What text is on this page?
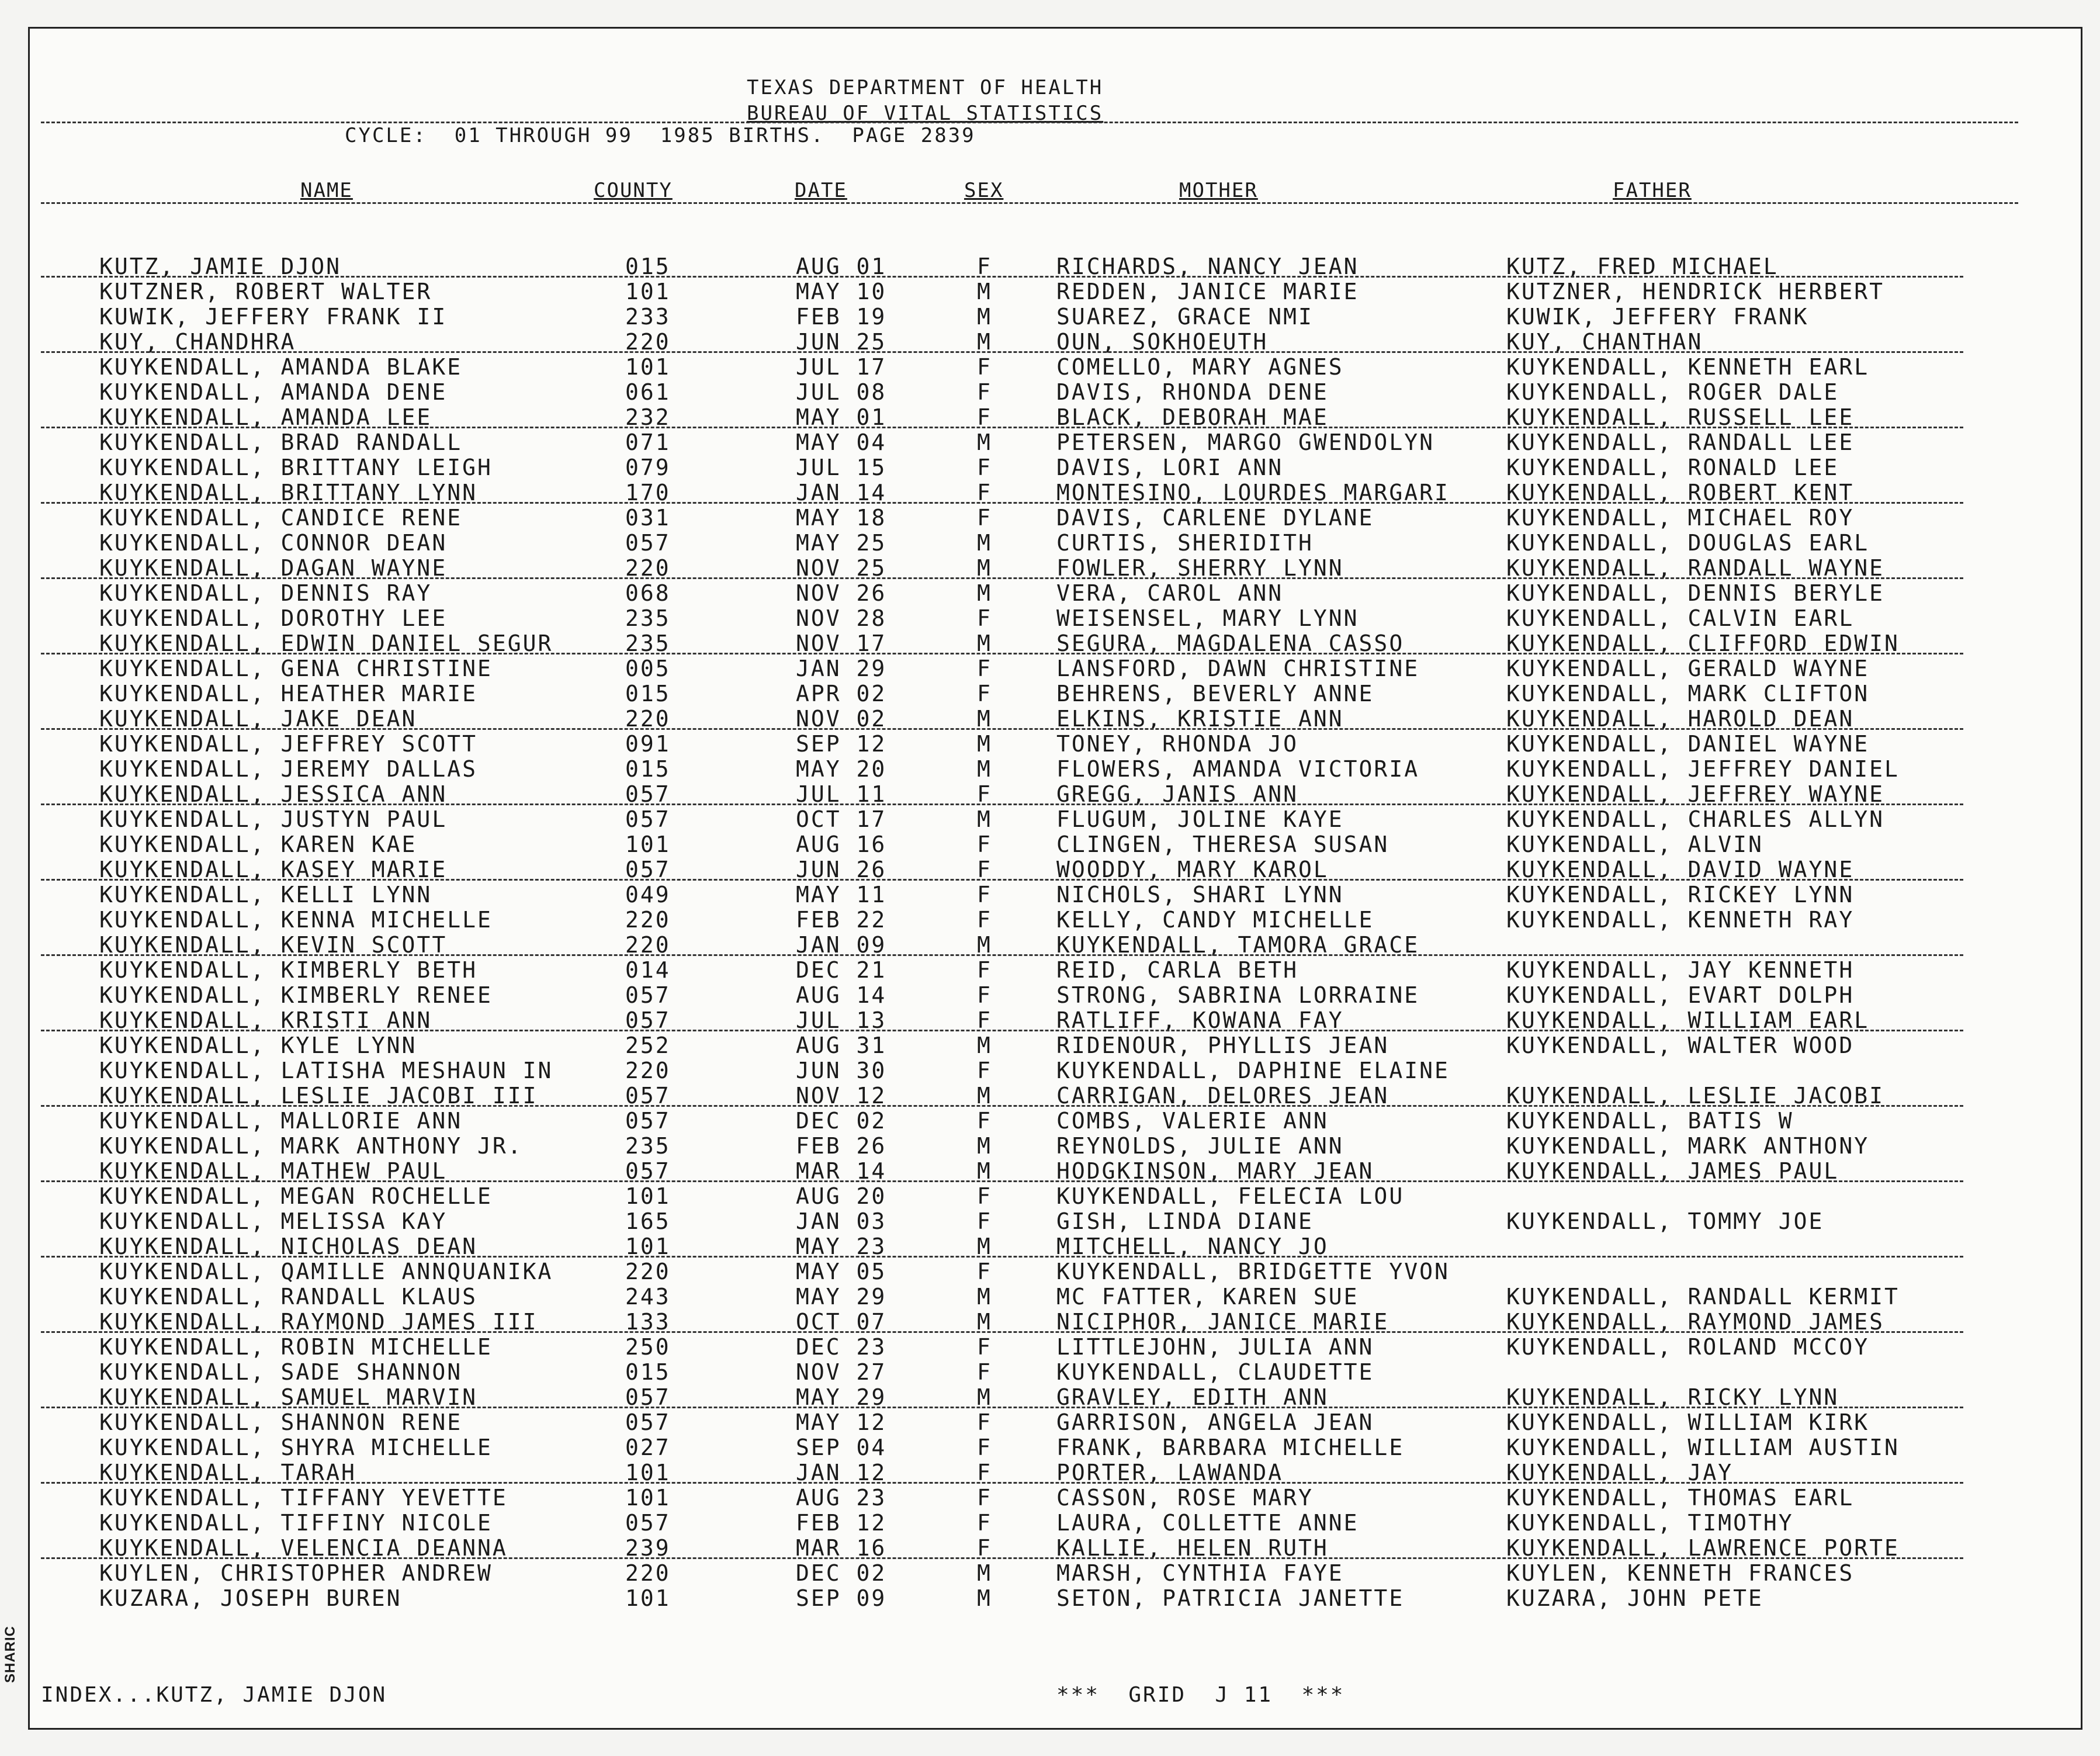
SHARIC
TEXAS DEPARTMENT OF HEALTH
BUREAU OF VITAL STATISTICS
CYCLE:  01 THROUGH 99  1985 BIRTHS.  PAGE 2839
NAME	COUNTY	DATE	SEX	MOTHER	FATHER
KUTZ, JAMIE DJON	015	AUG 01	F	RICHARDS, NANCY JEAN	KUTZ, FRED MICHAEL
KUTZNER, ROBERT WALTER	101	MAY 10	M	REDDEN, JANICE MARIE	KUTZNER, HENDRICK HERBERT
KUWIK, JEFFERY FRANK II	233	FEB 19	M	SUAREZ, GRACE NMI	KUWIK, JEFFERY FRANK
KUY, CHANDHRA	220	JUN 25	M	OUN, SOKHOEUTH	KUY, CHANTHAN
KUYKENDALL, AMANDA BLAKE	101	JUL 17	F	COMELLO, MARY AGNES	KUYKENDALL, KENNETH EARL
KUYKENDALL, AMANDA DENE	061	JUL 08	F	DAVIS, RHONDA DENE	KUYKENDALL, ROGER DALE
KUYKENDALL, AMANDA LEE	232	MAY 01	F	BLACK, DEBORAH MAE	KUYKENDALL, RUSSELL LEE
KUYKENDALL, BRAD RANDALL	071	MAY 04	M	PETERSEN, MARGO GWENDOLYN	KUYKENDALL, RANDALL LEE
KUYKENDALL, BRITTANY LEIGH	079	JUL 15	F	DAVIS, LORI ANN	KUYKENDALL, RONALD LEE
KUYKENDALL, BRITTANY LYNN	170	JAN 14	F	MONTESINO, LOURDES MARGARI	KUYKENDALL, ROBERT KENT
KUYKENDALL, CANDICE RENE	031	MAY 18	F	DAVIS, CARLENE DYLANE	KUYKENDALL, MICHAEL ROY
KUYKENDALL, CONNOR DEAN	057	MAY 25	M	CURTIS, SHERIDITH	KUYKENDALL, DOUGLAS EARL
KUYKENDALL, DAGAN WAYNE	220	NOV 25	M	FOWLER, SHERRY LYNN	KUYKENDALL, RANDALL WAYNE
KUYKENDALL, DENNIS RAY	068	NOV 26	M	VERA, CAROL ANN	KUYKENDALL, DENNIS BERYLE
KUYKENDALL, DOROTHY LEE	235	NOV 28	F	WEISENSEL, MARY LYNN	KUYKENDALL, CALVIN EARL
KUYKENDALL, EDWIN DANIEL SEGUR	235	NOV 17	M	SEGURA, MAGDALENA CASSO	KUYKENDALL, CLIFFORD EDWIN
KUYKENDALL, GENA CHRISTINE	005	JAN 29	F	LANSFORD, DAWN CHRISTINE	KUYKENDALL, GERALD WAYNE
KUYKENDALL, HEATHER MARIE	015	APR 02	F	BEHRENS, BEVERLY ANNE	KUYKENDALL, MARK CLIFTON
KUYKENDALL, JAKE DEAN	220	NOV 02	M	ELKINS, KRISTIE ANN	KUYKENDALL, HAROLD DEAN
KUYKENDALL, JEFFREY SCOTT	091	SEP 12	M	TONEY, RHONDA JO	KUYKENDALL, DANIEL WAYNE
KUYKENDALL, JEREMY DALLAS	015	MAY 20	M	FLOWERS, AMANDA VICTORIA	KUYKENDALL, JEFFREY DANIEL
KUYKENDALL, JESSICA ANN	057	JUL 11	F	GREGG, JANIS ANN	KUYKENDALL, JEFFREY WAYNE
KUYKENDALL, JUSTYN PAUL	057	OCT 17	M	FLUGUM, JOLINE KAYE	KUYKENDALL, CHARLES ALLYN
KUYKENDALL, KAREN KAE	101	AUG 16	F	CLINGEN, THERESA SUSAN	KUYKENDALL, ALVIN
KUYKENDALL, KASEY MARIE	057	JUN 26	F	WOODDY, MARY KAROL	KUYKENDALL, DAVID WAYNE
KUYKENDALL, KELLI LYNN	049	MAY 11	F	NICHOLS, SHARI LYNN	KUYKENDALL, RICKEY LYNN
KUYKENDALL, KENNA MICHELLE	220	FEB 22	F	KELLY, CANDY MICHELLE	KUYKENDALL, KENNETH RAY
KUYKENDALL, KEVIN SCOTT	220	JAN 09	M	KUYKENDALL, TAMORA GRACE
KUYKENDALL, KIMBERLY BETH	014	DEC 21	F	REID, CARLA BETH	KUYKENDALL, JAY KENNETH
KUYKENDALL, KIMBERLY RENEE	057	AUG 14	F	STRONG, SABRINA LORRAINE	KUYKENDALL, EVART DOLPH
KUYKENDALL, KRISTI ANN	057	JUL 13	F	RATLIFF, KOWANA FAY	KUYKENDALL, WILLIAM EARL
KUYKENDALL, KYLE LYNN	252	AUG 31	M	RIDENOUR, PHYLLIS JEAN	KUYKENDALL, WALTER WOOD
KUYKENDALL, LATISHA MESHAUN IN	220	JUN 30	F	KUYKENDALL, DAPHINE ELAINE
KUYKENDALL, LESLIE JACOBI III	057	NOV 12	M	CARRIGAN, DELORES JEAN	KUYKENDALL, LESLIE JACOBI
KUYKENDALL, MALLORIE ANN	057	DEC 02	F	COMBS, VALERIE ANN	KUYKENDALL, BATIS W
KUYKENDALL, MARK ANTHONY JR.	235	FEB 26	M	REYNOLDS, JULIE ANN	KUYKENDALL, MARK ANTHONY
KUYKENDALL, MATHEW PAUL	057	MAR 14	M	HODGKINSON, MARY JEAN	KUYKENDALL, JAMES PAUL
KUYKENDALL, MEGAN ROCHELLE	101	AUG 20	F	KUYKENDALL, FELECIA LOU
KUYKENDALL, MELISSA KAY	165	JAN 03	F	GISH, LINDA DIANE	KUYKENDALL, TOMMY JOE
KUYKENDALL, NICHOLAS DEAN	101	MAY 23	M	MITCHELL, NANCY JO
KUYKENDALL, QAMILLE ANNQUANIKA	220	MAY 05	F	KUYKENDALL, BRIDGETTE YVON
KUYKENDALL, RANDALL KLAUS	243	MAY 29	M	MC FATTER, KAREN SUE	KUYKENDALL, RANDALL KERMIT
KUYKENDALL, RAYMOND JAMES III	133	OCT 07	M	NICIPHOR, JANICE MARIE	KUYKENDALL, RAYMOND JAMES
KUYKENDALL, ROBIN MICHELLE	250	DEC 23	F	LITTLEJOHN, JULIA ANN	KUYKENDALL, ROLAND MCCOY
KUYKENDALL, SADE SHANNON	015	NOV 27	F	KUYKENDALL, CLAUDETTE
KUYKENDALL, SAMUEL MARVIN	057	MAY 29	M	GRAVLEY, EDITH ANN	KUYKENDALL, RICKY LYNN
KUYKENDALL, SHANNON RENE	057	MAY 12	F	GARRISON, ANGELA JEAN	KUYKENDALL, WILLIAM KIRK
KUYKENDALL, SHYRA MICHELLE	027	SEP 04	F	FRANK, BARBARA MICHELLE	KUYKENDALL, WILLIAM AUSTIN
KUYKENDALL, TARAH	101	JAN 12	F	PORTER, LAWANDA	KUYKENDALL, JAY
KUYKENDALL, TIFFANY YEVETTE	101	AUG 23	F	CASSON, ROSE MARY	KUYKENDALL, THOMAS EARL
KUYKENDALL, TIFFINY NICOLE	057	FEB 12	F	LAURA, COLLETTE ANNE	KUYKENDALL, TIMOTHY
KUYKENDALL, VELENCIA DEANNA	239	MAR 16	F	KALLIE, HELEN RUTH	KUYKENDALL, LAWRENCE PORTE
KUYLEN, CHRISTOPHER ANDREW	220	DEC 02	M	MARSH, CYNTHIA FAYE	KUYLEN, KENNETH FRANCES
KUZARA, JOSEPH BUREN	101	SEP 09	M	SETON, PATRICIA JANETTE	KUZARA, JOHN PETE
INDEX...KUTZ, JAMIE DJON	***  GRID  J 11  ***
